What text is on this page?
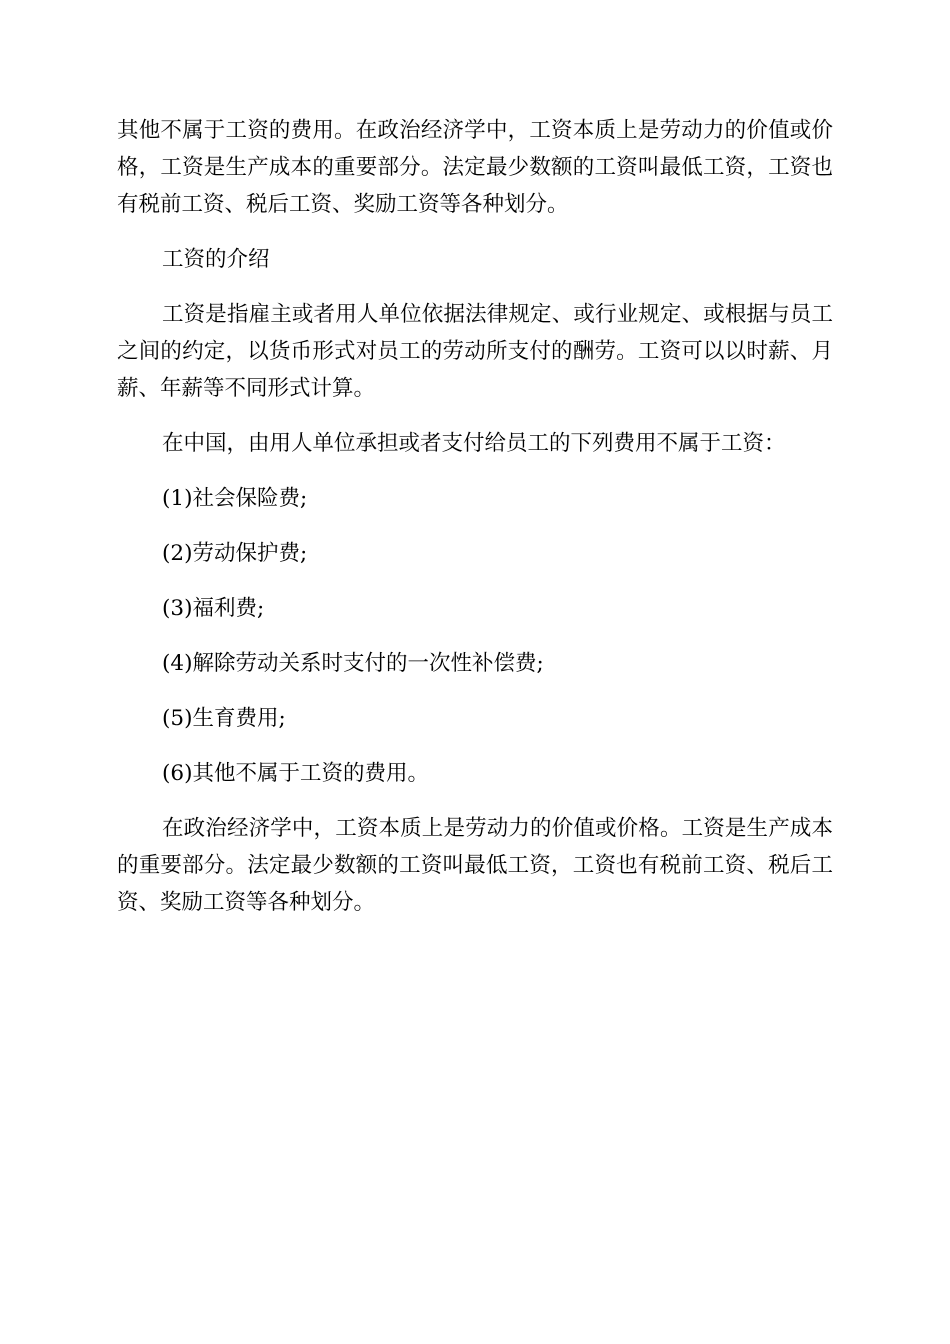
其他不属于工资的费用。在政治经济学中，工资本质上是劳动力的价值或价格，工资是生产成本的重要部分。法定最少数额的工资叫最低工资，工资也有税前工资、税后工资、奖励工资等各种划分。

工资的介绍

工资是指雇主或者用人单位依据法律规定、或行业规定、或根据与员工之间的约定，以货币形式对员工的劳动所支付的酬劳。工资可以以时薪、月薪、年薪等不同形式计算。

在中国，由用人单位承担或者支付给员工的下列费用不属于工资：

(1)社会保险费;

(2)劳动保护费;

(3)福利费;

(4)解除劳动关系时支付的一次性补偿费;

(5)生育费用;

(6)其他不属于工资的费用。

在政治经济学中，工资本质上是劳动力的价值或价格。工资是生产成本的重要部分。法定最少数额的工资叫最低工资，工资也有税前工资、税后工资、奖励工资等各种划分。
